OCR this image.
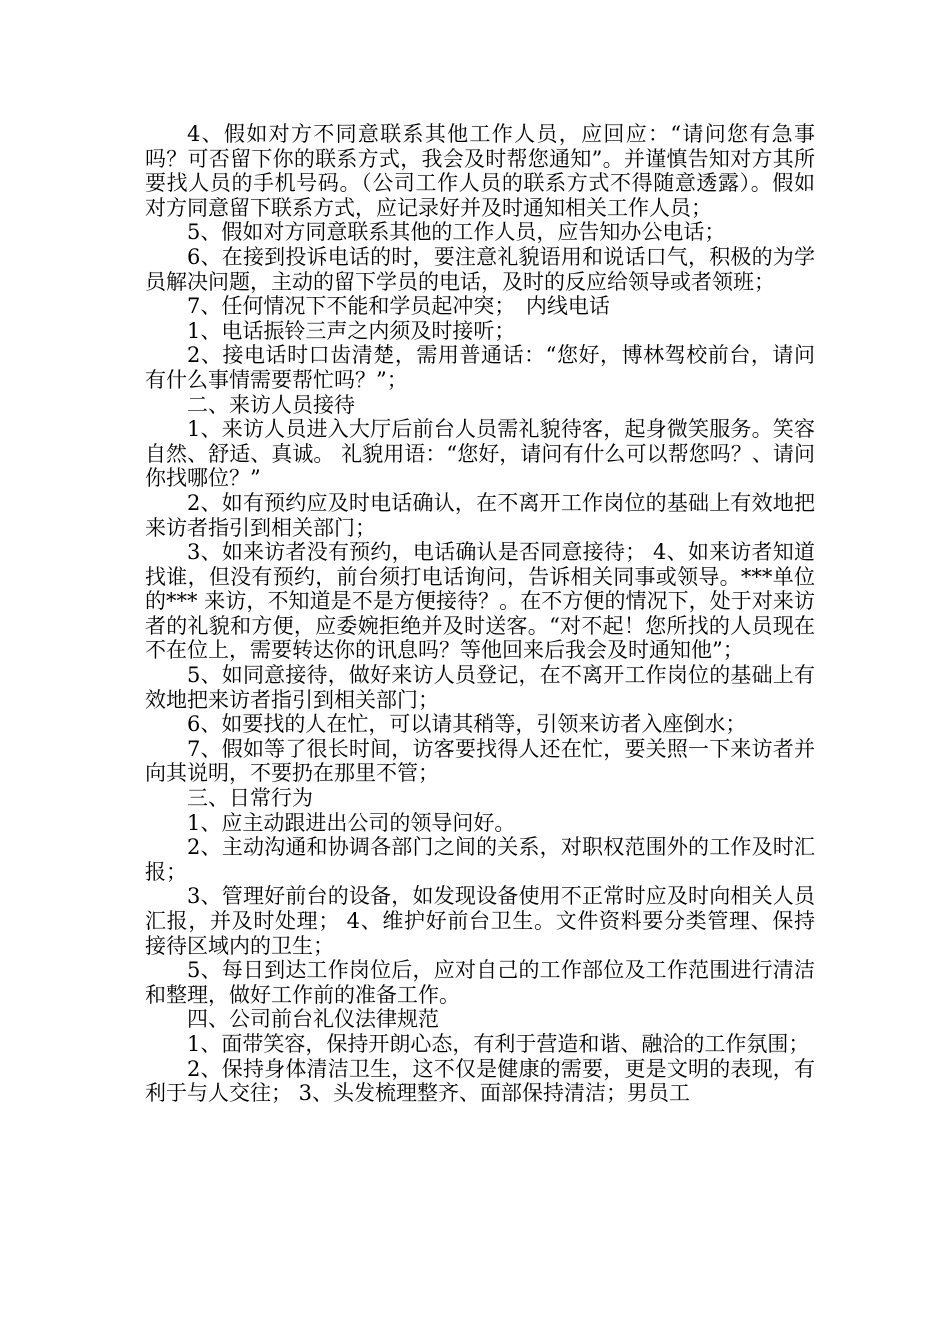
4、假如对方不同意联系其他工作人员，应回应：“请问您有急事吗？可否留下你的联系方式，我会及时帮您通知”。并谨慎告知对方其所要找人员的手机号码。（公司工作人员的联系方式不得随意透露）。假如对方同意留下联系方式，应记录好并及时通知相关工作人员；

5、假如对方同意联系其他的工作人员，应告知办公电话；

6、在接到投诉电话的时，要注意礼貌语用和说话口气，积极的为学员解决问题，主动的留下学员的电话，及时的反应给领导或者领班；

7、任何情况下不能和学员起冲突；　内线电话

1、电话振铃三声之内须及时接听；

2、接电话时口齿清楚，需用普通话：“您好，博林驾校前台，请问有什么事情需要帮忙吗？”；

二、来访人员接待

1、来访人员进入大厅后前台人员需礼貌待客，起身微笑服务。笑容自然、舒适、真诚。 礼貌用语：“您好，请问有什么可以帮您吗？、请问你找哪位？”

2、如有预约应及时电话确认，在不离开工作岗位的基础上有效地把来访者指引到相关部门；

3、如来访者没有预约，电话确认是否同意接待； 4、如来访者知道找谁，但没有预约，前台须打电话询问，告诉相关同事或领导。***单位的*** 来访，不知道是不是方便接待？。在不方便的情况下，处于对来访者的礼貌和方便，应委婉拒绝并及时送客。“对不起！您所找的人员现在不在位上，需要转达你的讯息吗？等他回来后我会及时通知他”；

5、如同意接待，做好来访人员登记，在不离开工作岗位的基础上有效地把来访者指引到相关部门；

6、如要找的人在忙，可以请其稍等，引领来访者入座倒水；

7、假如等了很长时间，访客要找得人还在忙，要关照一下来访者并向其说明，不要扔在那里不管；

三、日常行为

1、应主动跟进出公司的领导问好。

2、主动沟通和协调各部门之间的关系，对职权范围外的工作及时汇报；

3、管理好前台的设备，如发现设备使用不正常时应及时向相关人员汇报，并及时处理； 4、维护好前台卫生。文件资料要分类管理、保持接待区域内的卫生；

5、每日到达工作岗位后，应对自己的工作部位及工作范围进行清洁和整理，做好工作前的准备工作。

四、公司前台礼仪法律规范

1、面带笑容，保持开朗心态，有利于营造和谐、融洽的工作氛围；

2、保持身体清洁卫生，这不仅是健康的需要，更是文明的表现，有利于与人交往； 3、头发梳理整齐、面部保持清洁；男员工
